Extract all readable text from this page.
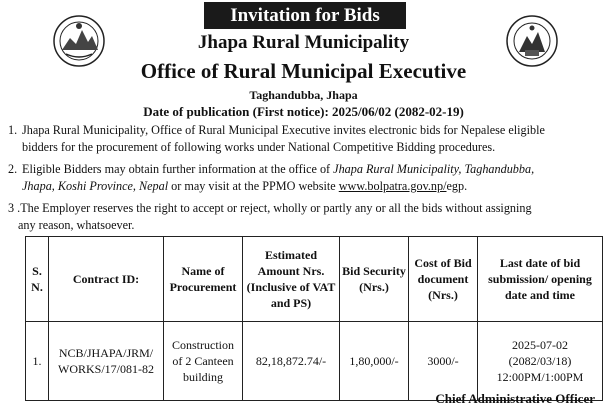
Invitation for Bids
Jhapa Rural Municipality
Office of Rural Municipal Executive
Taghandubba, Jhapa
Date of publication (First notice): 2025/06/02 (2082-02-19)
1. Jhapa Rural Municipality, Office of Rural Municipal Executive invites electronic bids for Nepalese eligible
bidders for the procurement of following works under National Competitive Bidding procedures.
2. Eligible Bidders may obtain further information at the office of Jhapa Rural Municipality, Taghandubba,
Jhapa, Koshi Province, Nepal or may visit at the PPMO website www.bolpatra.gov.np/egp.
3 .The Employer reserves the right to accept or reject, wholly or partly any or all the bids without assigning
any reason, whatsoever.
S. N.	Contract ID:	Name of Procurement	Estimated Amount Nrs. (Inclusive of VAT and PS)	Bid Security (Nrs.)	Cost of Bid document (Nrs.)	Last date of bid submission/ opening date and time
1.	NCB/JHAPA/JRM/ WORKS/17/081-82	Construction of 2 Canteen building	82,18,872.74/-	1,80,000/-	3000/-	2025-07-02
(2082/03/18)
12:00PM/1:00PM
Chief Administrative Officer
